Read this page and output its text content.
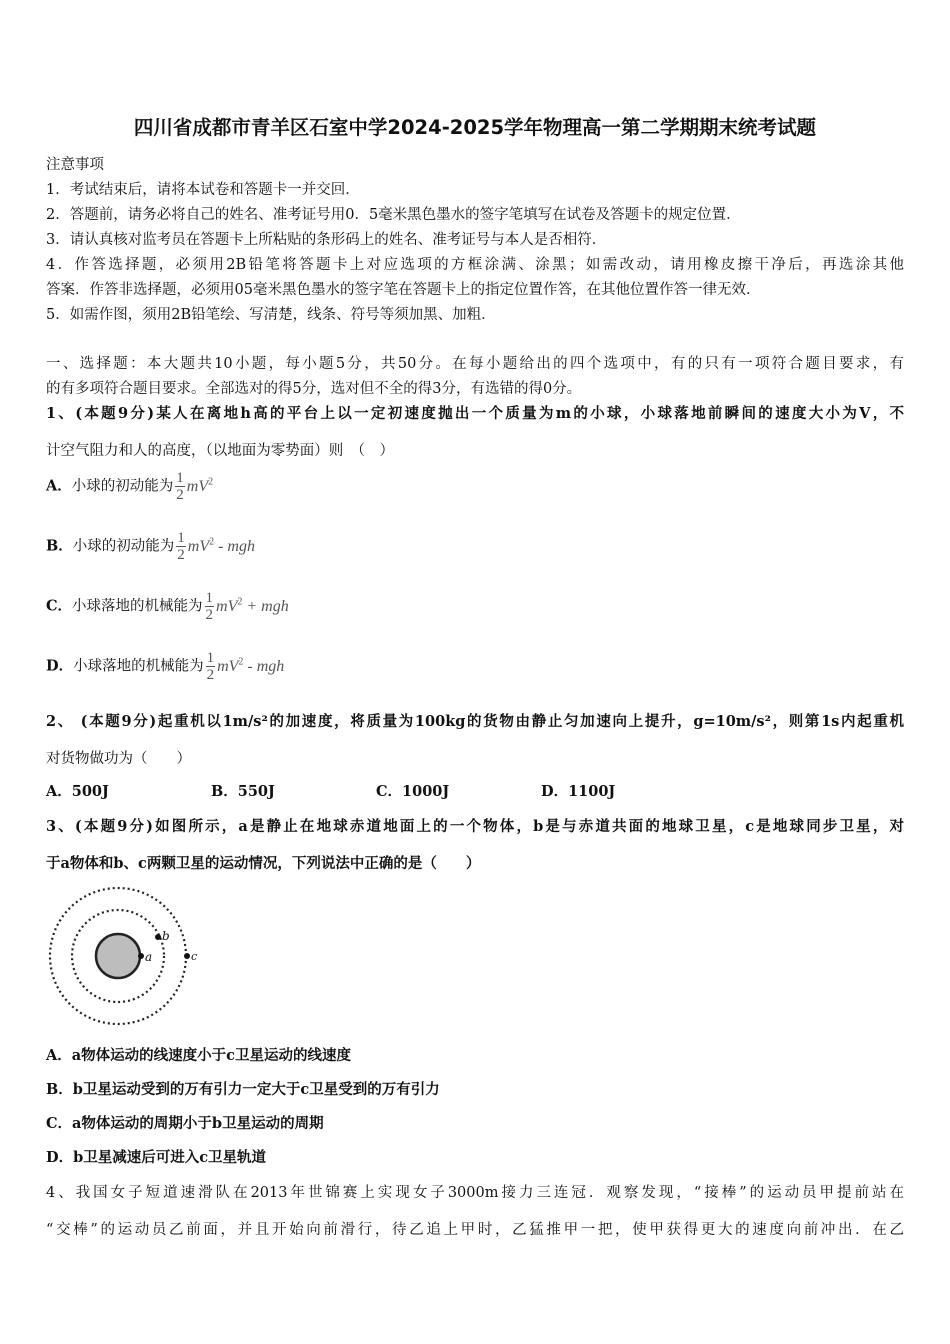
四川省成都市青羊区石室中学2024-2025学年物理高一第二学期期末统考试题
注意事项
1．考试结束后，请将本试卷和答题卡一并交回．
2．答题前，请务必将自己的姓名、准考证号用0．5毫米黑色墨水的签字笔填写在试卷及答题卡的规定位置．
3．请认真核对监考员在答题卡上所粘贴的条形码上的姓名、准考证号与本人是否相符．
4．作答选择题，必须用2B铅笔将答题卡上对应选项的方框涂满、涂黑；如需改动，请用橡皮擦干净后，再选涂其他
答案．作答非选择题，必须用05毫米黑色墨水的签字笔在答题卡上的指定位置作答，在其他位置作答一律无效．
5．如需作图，须用2B铅笔绘、写清楚，线条、符号等须加黑、加粗．
一、选择题：本大题共10小题，每小题5分，共50分。在每小题给出的四个选项中，有的只有一项符合题目要求，有
的有多项符合题目要求。全部选对的得5分，选对但不全的得3分，有选错的得0分。
1、(本题9分)某人在离地h高的平台上以一定初速度抛出一个质量为m的小球，小球落地前瞬间的速度大小为V，不
计空气阻力和人的高度，（以地面为零势面）则　（　）
A．小球的初动能为 $\frac{1}{2} mV^2$
B．小球的初动能为 $\frac{1}{2} mV^2$ - mgh
C．小球落地的机械能为 $\frac{1}{2} mV^2$ + mgh
D．小球落地的机械能为 $\frac{1}{2} mV^2$ - mgh
2、 (本题9分)起重机以1m/s²的加速度，将质量为100kg的货物由静止匀加速向上提升，g=10m/s²，则第1s内起重机
对货物做功为（　　）
A．500J	B．550J	C．1000J	D．1100J
3、(本题9分)如图所示，a是静止在地球赤道地面上的一个物体，b是与赤道共面的地球卫星，c是地球同步卫星，对
于a物体和b、c两颗卫星的运动情况，下列说法中正确的是（　　）
a
b
c
A．a物体运动的线速度小于c卫星运动的线速度
B．b卫星运动受到的万有引力一定大于c卫星受到的万有引力
C．a物体运动的周期小于b卫星运动的周期
D．b卫星减速后可进入c卫星轨道
4、我国女子短道速滑队在2013年世锦赛上实现女子3000m接力三连冠．观察发现，“接棒”的运动员甲提前站在
“交棒”的运动员乙前面，并且开始向前滑行，待乙追上甲时，乙猛推甲一把，使甲获得更大的速度向前冲出．在乙
